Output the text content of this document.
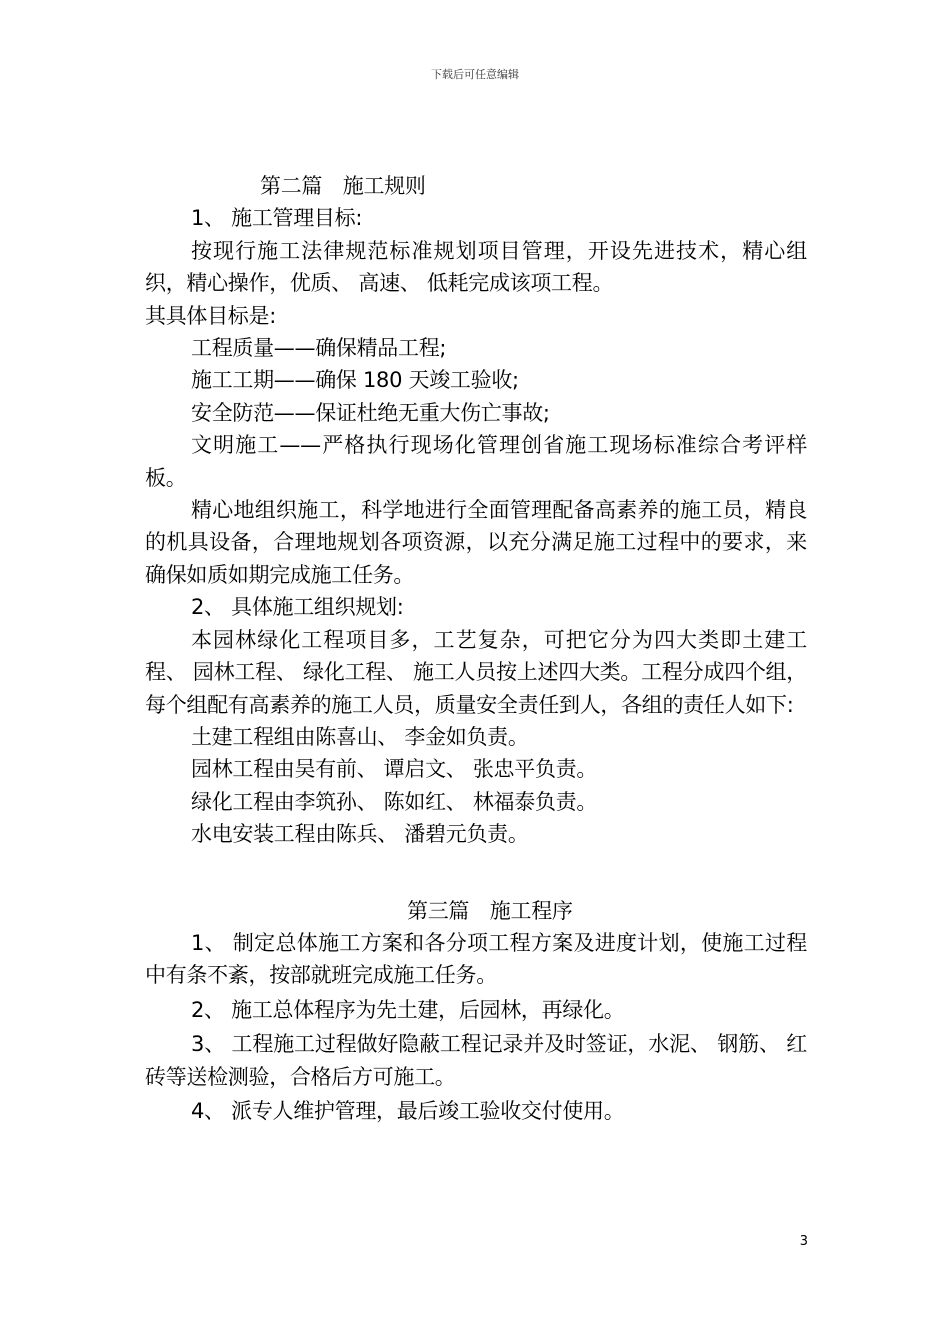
下载后可任意编辑

第二篇　施工规则

1、 施工管理目标:

按现行施工法律规范标准规划项目管理，开设先进技术，精心组织，精心操作，优质、 高速、 低耗完成该项工程。

其具体目标是:

工程质量——确保精品工程;

施工工期——确保 180 天竣工验收;

安全防范——保证杜绝无重大伤亡事故;

文明施工——严格执行现场化管理创省施工现场标准综合考评样板。

精心地组织施工，科学地进行全面管理配备高素养的施工员，精良的机具设备，合理地规划各项资源，以充分满足施工过程中的要求，来确保如质如期完成施工任务。

2、 具体施工组织规划:

本园林绿化工程项目多，工艺复杂，可把它分为四大类即土建工程、 园林工程、 绿化工程、 施工人员按上述四大类。工程分成四个组，每个组配有高素养的施工人员，质量安全责任到人，各组的责任人如下:

土建工程组由陈喜山、 李金如负责。

园林工程由吴有前、 谭启文、 张忠平负责。

绿化工程由李筑孙、 陈如红、 林福泰负责。

水电安装工程由陈兵、 潘碧元负责。

第三篇　施工程序

1、 制定总体施工方案和各分项工程方案及进度计划，使施工过程中有条不紊，按部就班完成施工任务。

2、 施工总体程序为先土建，后园林，再绿化。

3、 工程施工过程做好隐蔽工程记录并及时签证，水泥、 钢筋、 红砖等送检测验，合格后方可施工。

4、 派专人维护管理，最后竣工验收交付使用。

3
